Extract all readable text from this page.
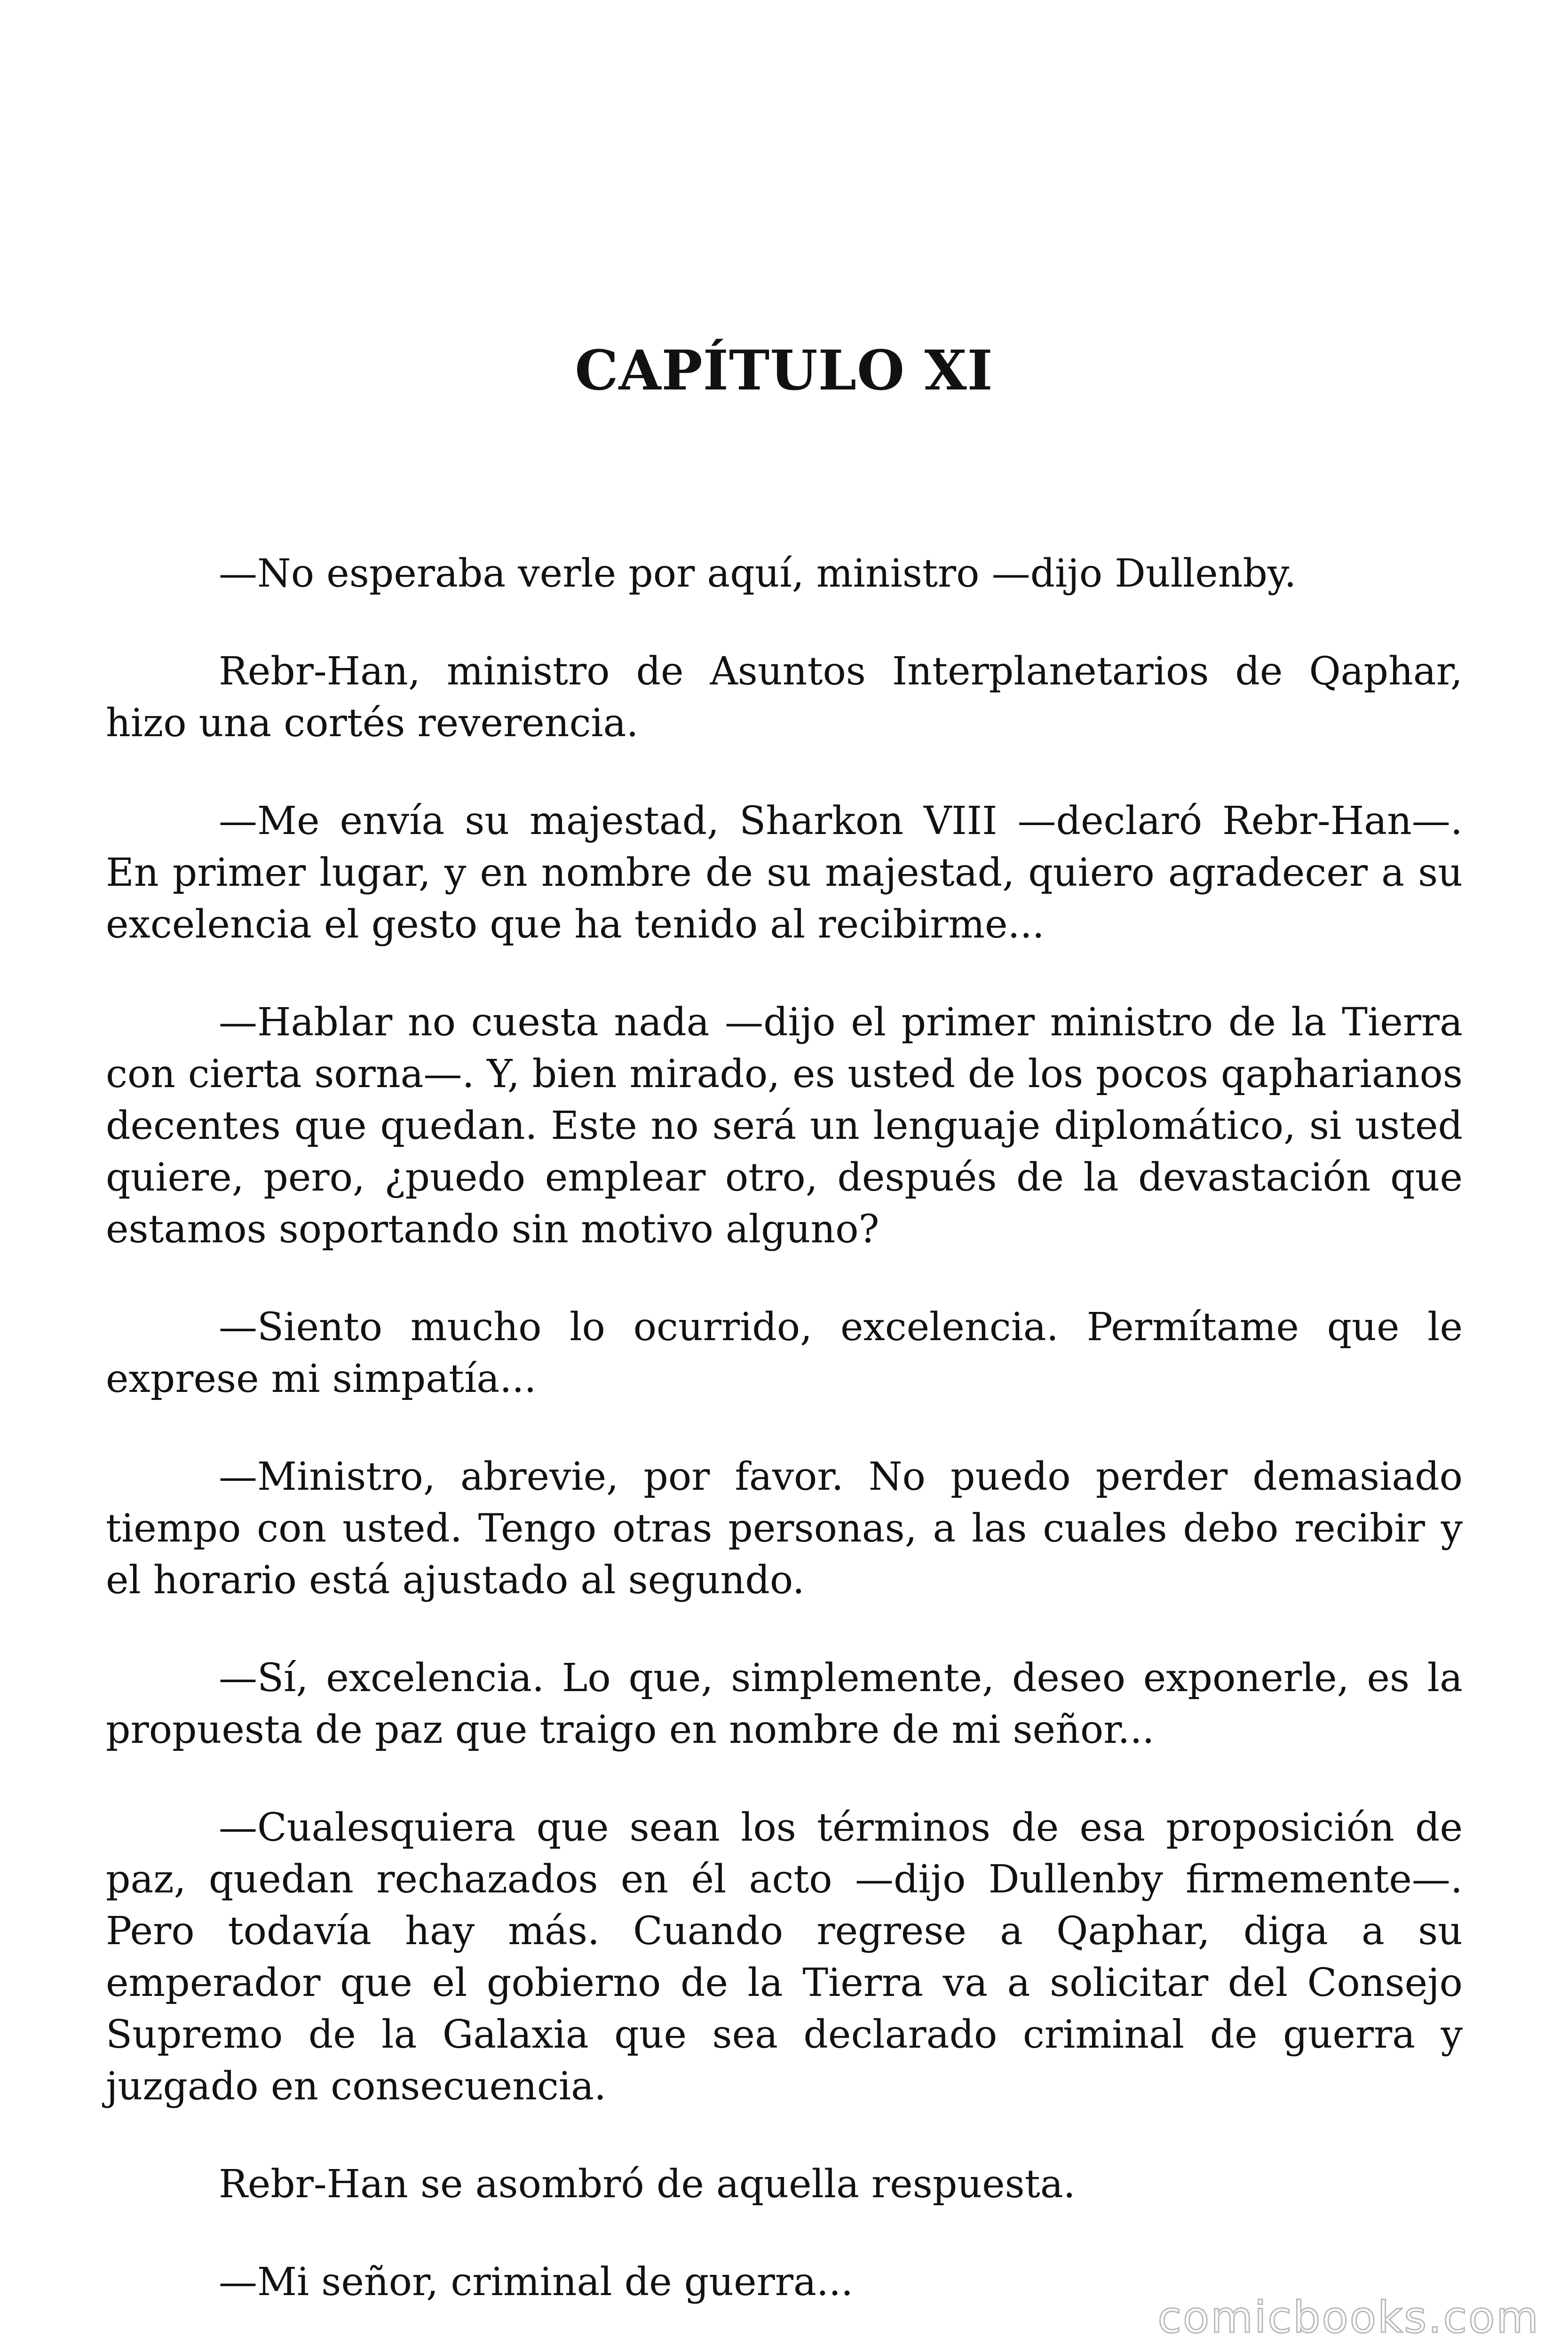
CAPÍTULO XI

—No esperaba verle por aquí, ministro —dijo Dullenby.

Rebr-Han, ministro de Asuntos Interplanetarios de Qaphar, hizo una cortés reverencia.

—Me envía su majestad, Sharkon VIII —declaró Rebr-Han—. En primer lugar, y en nombre de su majestad, quiero agradecer a su excelencia el gesto que ha tenido al recibirme...

—Hablar no cuesta nada —dijo el primer ministro de la Tierra con cierta sorna—. Y, bien mirado, es usted de los pocos qapharianos decentes que quedan. Este no será un lenguaje diplomático, si usted quiere, pero, ¿puedo emplear otro, después de la devastación que estamos soportando sin motivo alguno?

—Siento mucho lo ocurrido, excelencia. Permítame que le exprese mi simpatía...

—Ministro, abrevie, por favor. No puedo perder demasiado tiempo con usted. Tengo otras personas, a las cuales debo recibir y el horario está ajustado al segundo.

—Sí, excelencia. Lo que, simplemente, deseo exponerle, es la propuesta de paz que traigo en nombre de mi señor...

—Cualesquiera que sean los términos de esa proposición de paz, quedan rechazados en él acto —dijo Dullenby firmemente—. Pero todavía hay más. Cuando regrese a Qaphar, diga a su emperador que el gobierno de la Tierra va a solicitar del Consejo Supremo de la Galaxia que sea declarado criminal de guerra y juzgado en consecuencia.

Rebr-Han se asombró de aquella respuesta.

—Mi señor, criminal de guerra...

comicbooks.com
